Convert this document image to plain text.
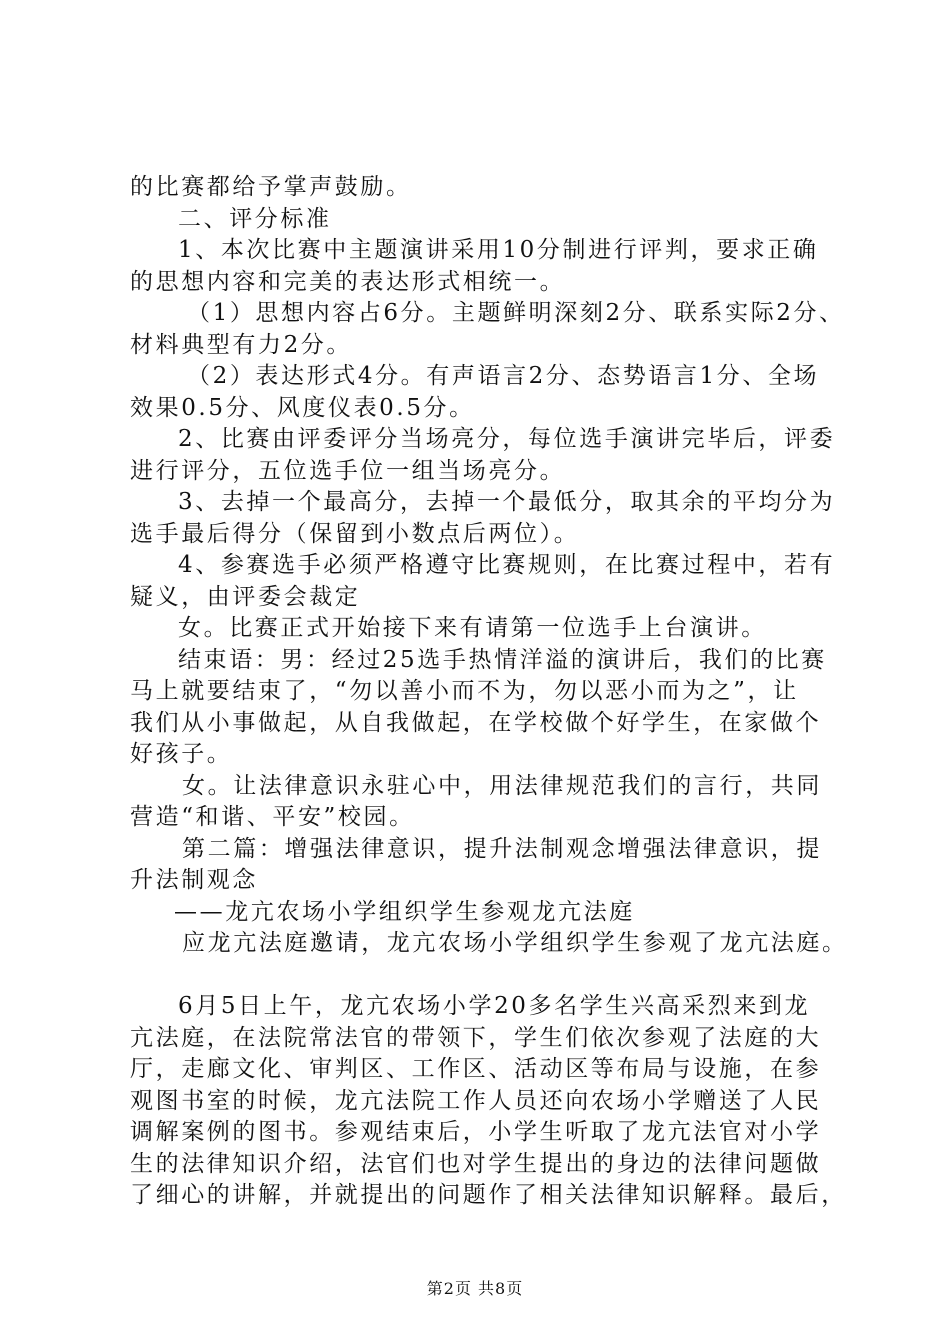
的比赛都给予掌声鼓励。
二、评分标准
1、本次比赛中主题演讲采用10分制进行评判，要求正确
的思想内容和完美的表达形式相统一。
（1）思想内容占6分。主题鲜明深刻2分、联系实际2分、
材料典型有力2分。
（2）表达形式4分。有声语言2分、态势语言1分、全场
效果0.5分、风度仪表0.5分。
2、比赛由评委评分当场亮分，每位选手演讲完毕后，评委
进行评分，五位选手位一组当场亮分。
3、去掉一个最高分，去掉一个最低分，取其余的平均分为
选手最后得分（保留到小数点后两位）。
4、参赛选手必须严格遵守比赛规则，在比赛过程中，若有
疑义，由评委会裁定
女。比赛正式开始接下来有请第一位选手上台演讲。
结束语：男：经过25选手热情洋溢的演讲后，我们的比赛
马上就要结束了，“勿以善小而不为，勿以恶小而为之”，让
我们从小事做起，从自我做起，在学校做个好学生，在家做个
好孩子。
女。让法律意识永驻心中，用法律规范我们的言行，共同
营造“和谐、平安”校园。
第二篇：增强法律意识，提升法制观念增强法律意识，提
升法制观念
——龙亢农场小学组织学生参观龙亢法庭
应龙亢法庭邀请，龙亢农场小学组织学生参观了龙亢法庭。
6月5日上午，龙亢农场小学20多名学生兴高采烈来到龙
亢法庭，在法院常法官的带领下，学生们依次参观了法庭的大
厅，走廊文化、审判区、工作区、活动区等布局与设施，在参
观图书室的时候，龙亢法院工作人员还向农场小学赠送了人民
调解案例的图书。参观结束后，小学生听取了龙亢法官对小学
生的法律知识介绍，法官们也对学生提出的身边的法律问题做
了细心的讲解，并就提出的问题作了相关法律知识解释。最后，
第2页 共8页
